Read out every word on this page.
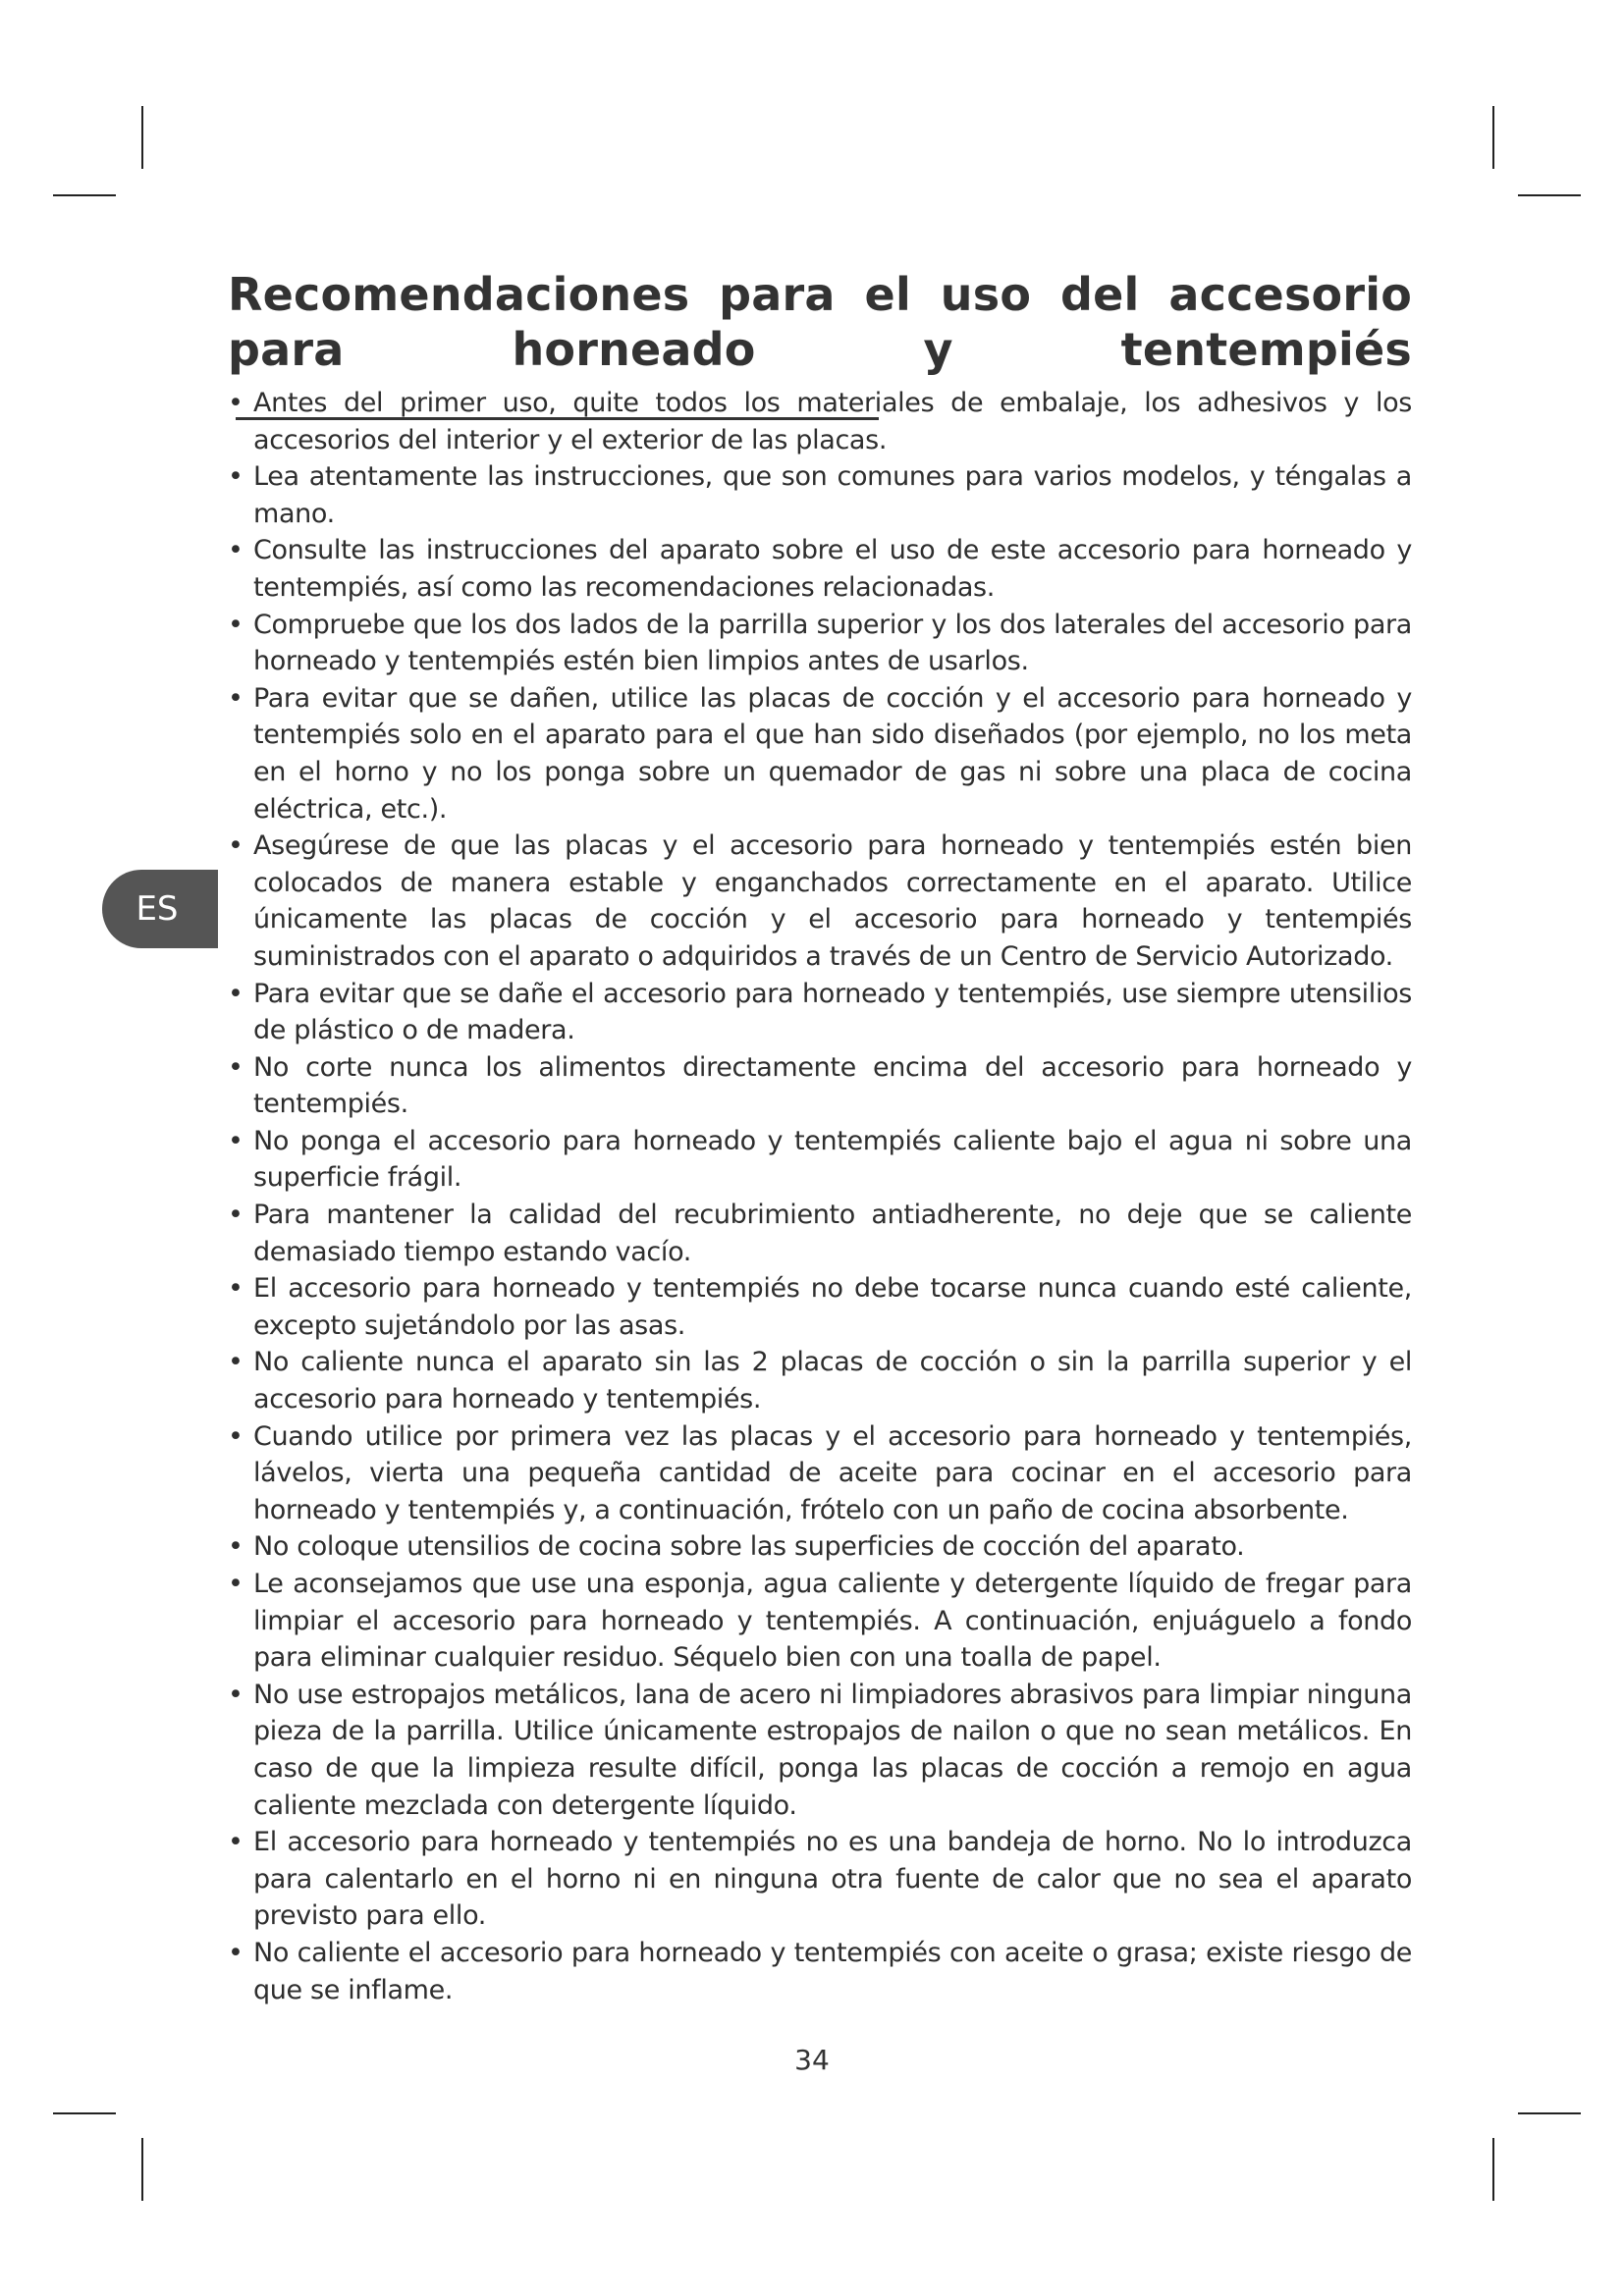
Recomendaciones para el uso del accesorio para horneado y tentempiés
ES
• Antes del primer uso, quite todos los materiales de embalaje, los adhesivos y los accesorios del interior y el exterior de las placas.
• Lea atentamente las instrucciones, que son comunes para varios modelos, y téngalas a mano.
• Consulte las instrucciones del aparato sobre el uso de este accesorio para horneado y tentempiés, así como las recomendaciones relacionadas.
• Compruebe que los dos lados de la parrilla superior y los dos laterales del accesorio para horneado y tentempiés estén bien limpios antes de usarlos.
• Para evitar que se dañen, utilice las placas de cocción y el accesorio para horneado y tentempiés solo en el aparato para el que han sido diseñados (por ejemplo, no los meta en el horno y no los ponga sobre un quemador de gas ni sobre una placa de cocina eléctrica, etc.).
• Asegúrese de que las placas y el accesorio para horneado y tentempiés estén bien colocados de manera estable y enganchados correctamente en el aparato. Utilice únicamente las placas de cocción y el accesorio para horneado y tentempiés suministrados con el aparato o adquiridos a través de un Centro de Servicio Autorizado.
• Para evitar que se dañe el accesorio para horneado y tentempiés, use siempre utensilios de plástico o de madera.
• No corte nunca los alimentos directamente encima del accesorio para horneado y tentempiés.
• No ponga el accesorio para horneado y tentempiés caliente bajo el agua ni sobre una superficie frágil.
• Para mantener la calidad del recubrimiento antiadherente, no deje que se caliente demasiado tiempo estando vacío.
• El accesorio para horneado y tentempiés no debe tocarse nunca cuando esté caliente, excepto sujetándolo por las asas.
• No caliente nunca el aparato sin las 2 placas de cocción o sin la parrilla superior y el accesorio para horneado y tentempiés.
• Cuando utilice por primera vez las placas y el accesorio para horneado y tentempiés, lávelos, vierta una pequeña cantidad de aceite para cocinar en el accesorio para horneado y tentempiés y, a continuación, frótelo con un paño de cocina absorbente.
• No coloque utensilios de cocina sobre las superficies de cocción del aparato.
• Le aconsejamos que use una esponja, agua caliente y detergente líquido de fregar para limpiar el accesorio para horneado y tentempiés. A continuación, enjuáguelo a fondo para eliminar cualquier residuo. Séquelo bien con una toalla de papel.
• No use estropajos metálicos, lana de acero ni limpiadores abrasivos para limpiar ninguna pieza de la parrilla. Utilice únicamente estropajos de nailon o que no sean metálicos. En caso de que la limpieza resulte difícil, ponga las placas de cocción a remojo en agua caliente mezclada con detergente líquido.
• El accesorio para horneado y tentempiés no es una bandeja de horno. No lo introduzca para calentarlo en el horno ni en ninguna otra fuente de calor que no sea el aparato previsto para ello.
• No caliente el accesorio para horneado y tentempiés con aceite o grasa; existe riesgo de que se inflame.
34
